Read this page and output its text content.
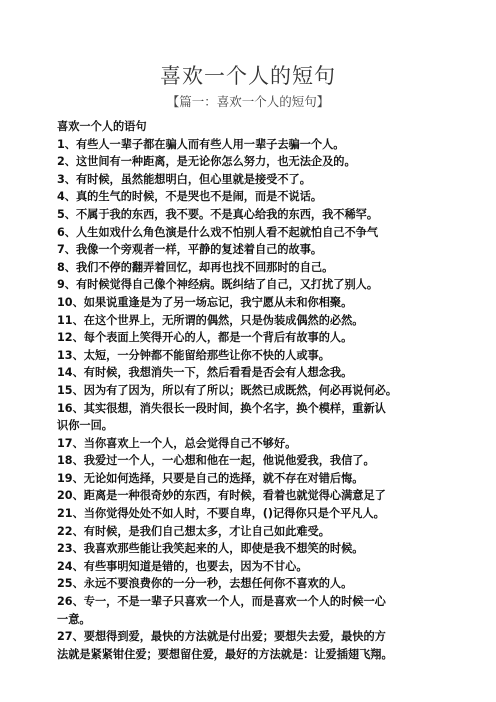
喜欢一个人的短句
【篇一：喜欢一个人的短句】

喜欢一个人的语句

1、有些人一辈子都在骗人而有些人用一辈子去骗一个人。

2、这世间有一种距离，是无论你怎么努力，也无法企及的。

3、有时候，虽然能想明白，但心里就是接受不了。

4、真的生气的时候，不是哭也不是闹，而是不说话。

5、不属于我的东西，我不要。不是真心给我的东西，我不稀罕。

6、人生如戏什么角色演是什么戏不怕别人看不起就怕自己不争气

7、我像一个旁观者一样，平静的复述着自己的故事。

8、我们不停的翻弄着回忆，却再也找不回那时的自己。

9、有时候觉得自己像个神经病。既纠结了自己，又打扰了别人。

10、如果说重逢是为了另一场忘记，我宁愿从未和你相聚。

11、在这个世界上，无所谓的偶然，只是伪装成偶然的必然。

12、每个表面上笑得开心的人，都是一个背后有故事的人。

13、太短，一分钟都不能留给那些让你不快的人或事。

14、有时候，我想消失一下，然后看看是否会有人想念我。

15、因为有了因为，所以有了所以；既然已成既然，何必再说何必。

16、其实很想，消失很长一段时间，换个名字，换个模样，重新认

识你一回。

17、当你喜欢上一个人，总会觉得自己不够好。

18、我爱过一个人，一心想和他在一起，他说他爱我，我信了。

19、无论如何选择，只要是自己的选择，就不存在对错后悔。

20、距离是一种很奇妙的东西，有时候，看着也就觉得心满意足了

21、当你觉得处处不如人时，不要自卑，()记得你只是个平凡人。

22、有时候，是我们自己想太多，才让自己如此难受。

23、我喜欢那些能让我笑起来的人，即使是我不想笑的时候。

24、有些事明知道是错的，也要去，因为不甘心。

25、永远不要浪费你的一分一秒，去想任何你不喜欢的人。

26、专一，不是一辈子只喜欢一个人，而是喜欢一个人的时候一心

一意。

27、要想得到爱，最快的方法就是付出爱；要想失去爱，最快的方

法就是紧紧钳住爱；要想留住爱，最好的方法就是：让爱插翅飞翔。
